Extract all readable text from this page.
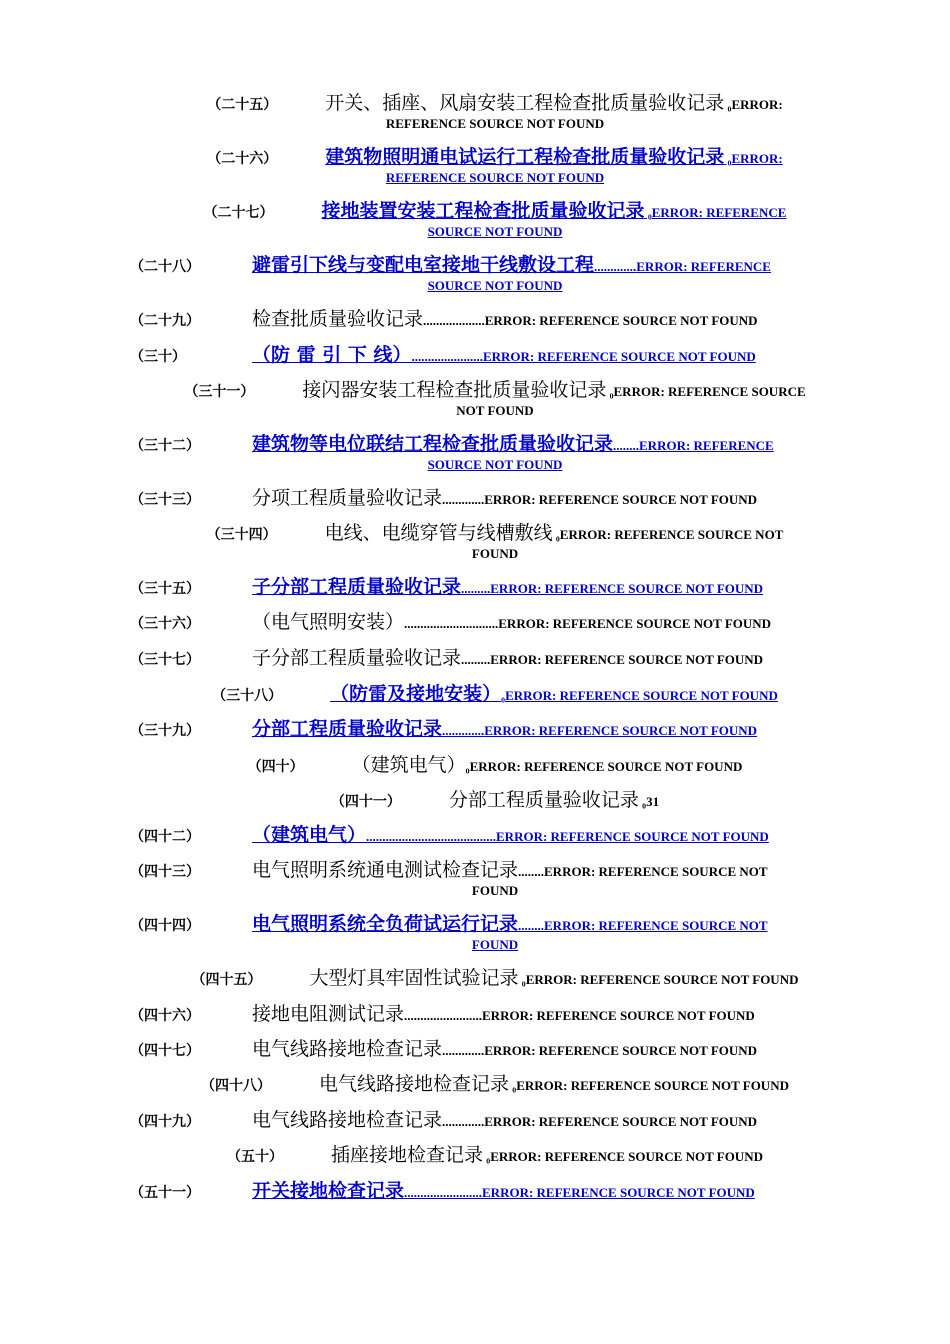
（二十五）	开关、插座、风扇安装工程检查批质量验收记录 ₀ERROR:
REFERENCE SOURCE NOT FOUND
（二十六）	建筑物照明通电试运行工程检查批质量验收记录 ₀ERROR:
REFERENCE SOURCE NOT FOUND
（二十七）	接地装置安装工程检查批质量验收记录 ₀ERROR: REFERENCE
SOURCE NOT FOUND
（二十八）	避雷引下线与变配电室接地干线敷设工程.............ERROR: REFERENCE
SOURCE NOT FOUND
（二十九）	检查批质量验收记录...................ERROR: REFERENCE SOURCE NOT FOUND
（三十）	（防 雷 引 下 线）......................ERROR: REFERENCE SOURCE NOT FOUND
（三十一）	接闪器安装工程检查批质量验收记录 ₀ERROR: REFERENCE SOURCE
NOT FOUND
（三十二）	建筑物等电位联结工程检查批质量验收记录........ERROR: REFERENCE
SOURCE NOT FOUND
（三十三）	分项工程质量验收记录.............ERROR: REFERENCE SOURCE NOT FOUND
（三十四）	电线、电缆穿管与线槽敷线 ₀ERROR: REFERENCE SOURCE NOT
FOUND
（三十五）	子分部工程质量验收记录.........ERROR: REFERENCE SOURCE NOT FOUND
（三十六）	（电气照明安装）.............................ERROR: REFERENCE SOURCE NOT FOUND
（三十七）	子分部工程质量验收记录.........ERROR: REFERENCE SOURCE NOT FOUND
（三十八）	（防雷及接地安装）₀ERROR: REFERENCE SOURCE NOT FOUND
（三十九）	分部工程质量验收记录.............ERROR: REFERENCE SOURCE NOT FOUND
（四十）	（建筑电气）₀ERROR: REFERENCE SOURCE NOT FOUND
（四十一）	分部工程质量验收记录 ₀31
（四十二）	（建筑电气）........................................ERROR: REFERENCE SOURCE NOT FOUND
（四十三）	电气照明系统通电测试检查记录........ERROR: REFERENCE SOURCE NOT
FOUND
（四十四）	电气照明系统全负荷试运行记录........ERROR: REFERENCE SOURCE NOT
FOUND
（四十五）	大型灯具牢固性试验记录 ₀ERROR: REFERENCE SOURCE NOT FOUND
（四十六）	接地电阻测试记录........................ERROR: REFERENCE SOURCE NOT FOUND
（四十七）	电气线路接地检查记录.............ERROR: REFERENCE SOURCE NOT FOUND
（四十八）	电气线路接地检查记录 ₀ERROR: REFERENCE SOURCE NOT FOUND
（四十九）	电气线路接地检查记录.............ERROR: REFERENCE SOURCE NOT FOUND
（五十）	插座接地检查记录 ₀ERROR: REFERENCE SOURCE NOT FOUND
（五十一）	开关接地检查记录........................ERROR: REFERENCE SOURCE NOT FOUND
